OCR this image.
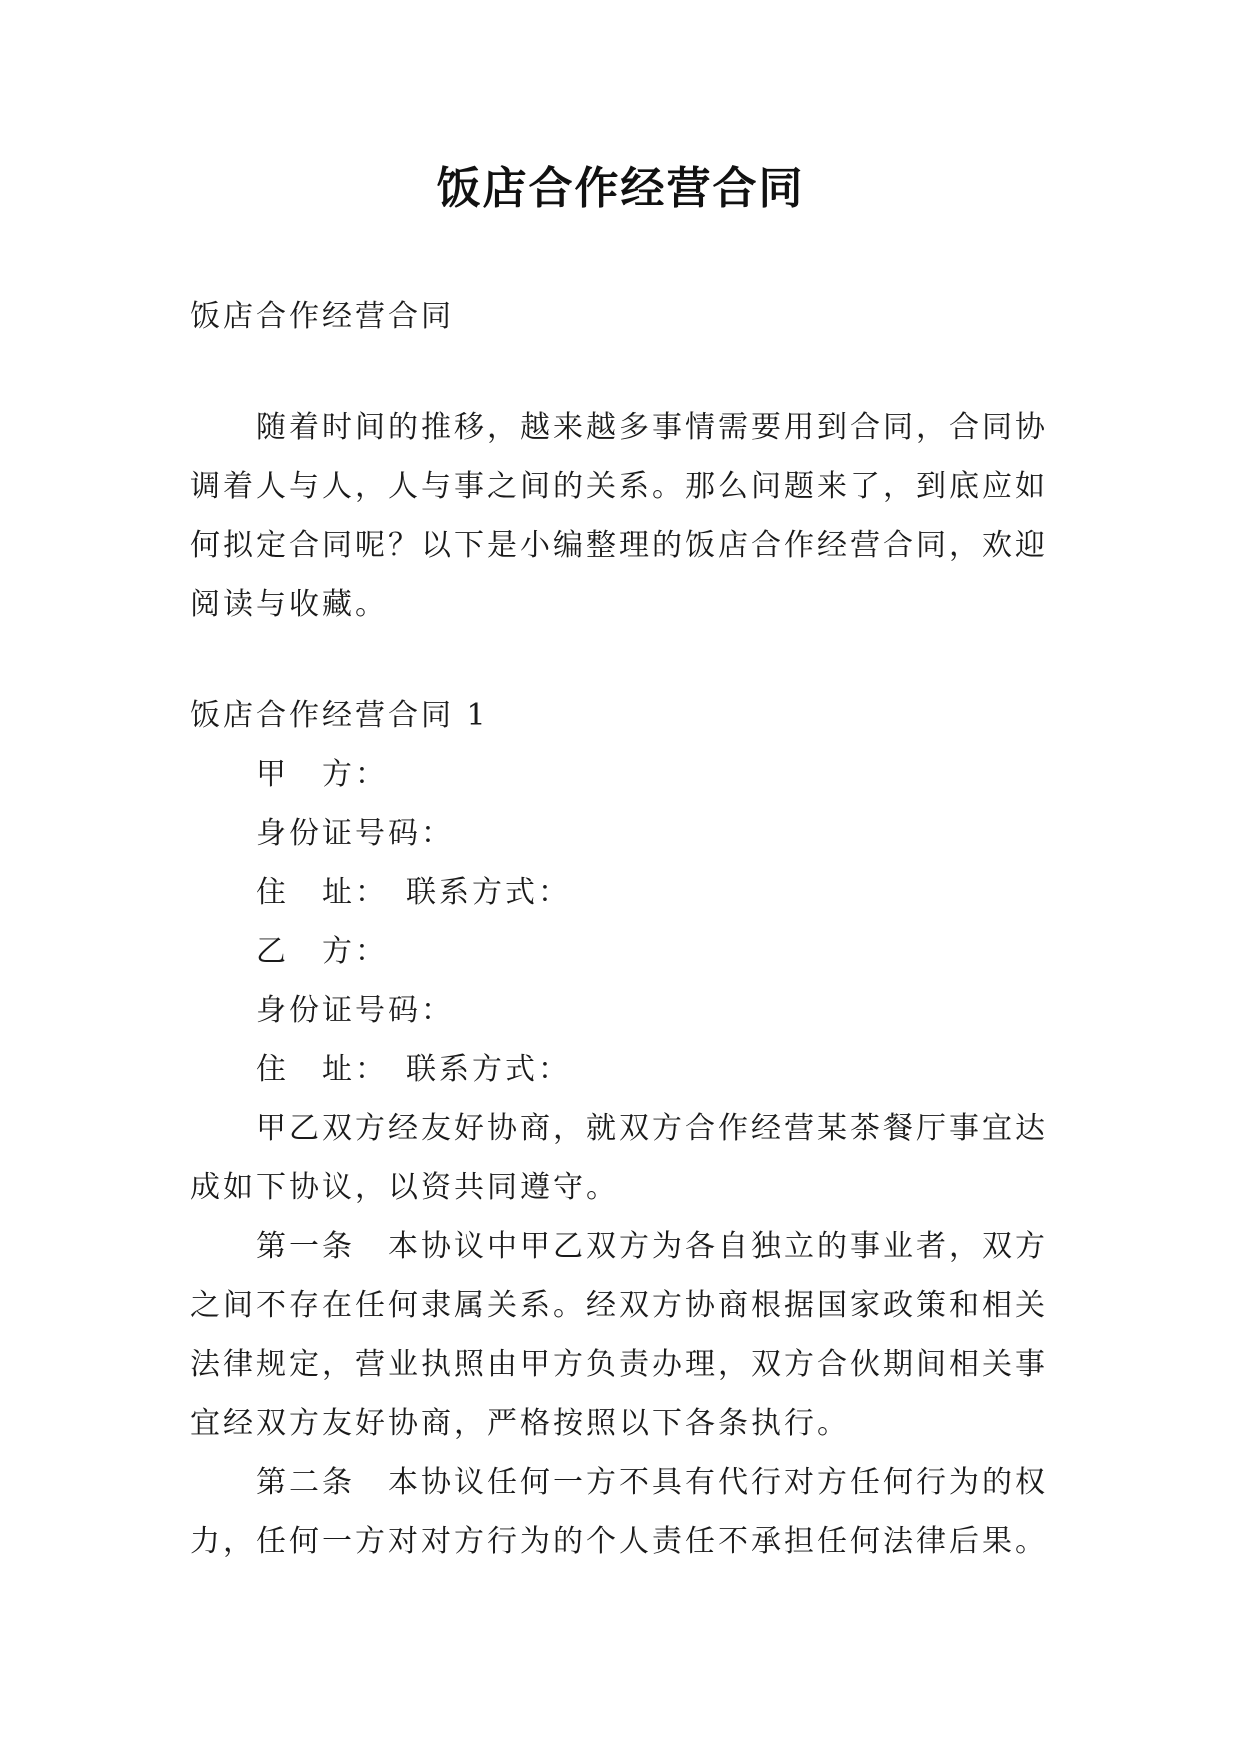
饭店合作经营合同
饭店合作经营合同
随着时间的推移，越来越多事情需要用到合同，合同协
调着人与人，人与事之间的关系。那么问题来了，到底应如
何拟定合同呢？以下是小编整理的饭店合作经营合同，欢迎
阅读与收藏。
饭店合作经营合同 1
甲　方：
身份证号码：
住　址：　联系方式：
乙　方：
身份证号码：
住　址：　联系方式：
甲乙双方经友好协商，就双方合作经营某茶餐厅事宜达
成如下协议，以资共同遵守。
第一条　本协议中甲乙双方为各自独立的事业者，双方
之间不存在任何隶属关系。经双方协商根据国家政策和相关
法律规定，营业执照由甲方负责办理，双方合伙期间相关事
宜经双方友好协商，严格按照以下各条执行。
第二条　本协议任何一方不具有代行对方任何行为的权
力，任何一方对对方行为的个人责任不承担任何法律后果。
